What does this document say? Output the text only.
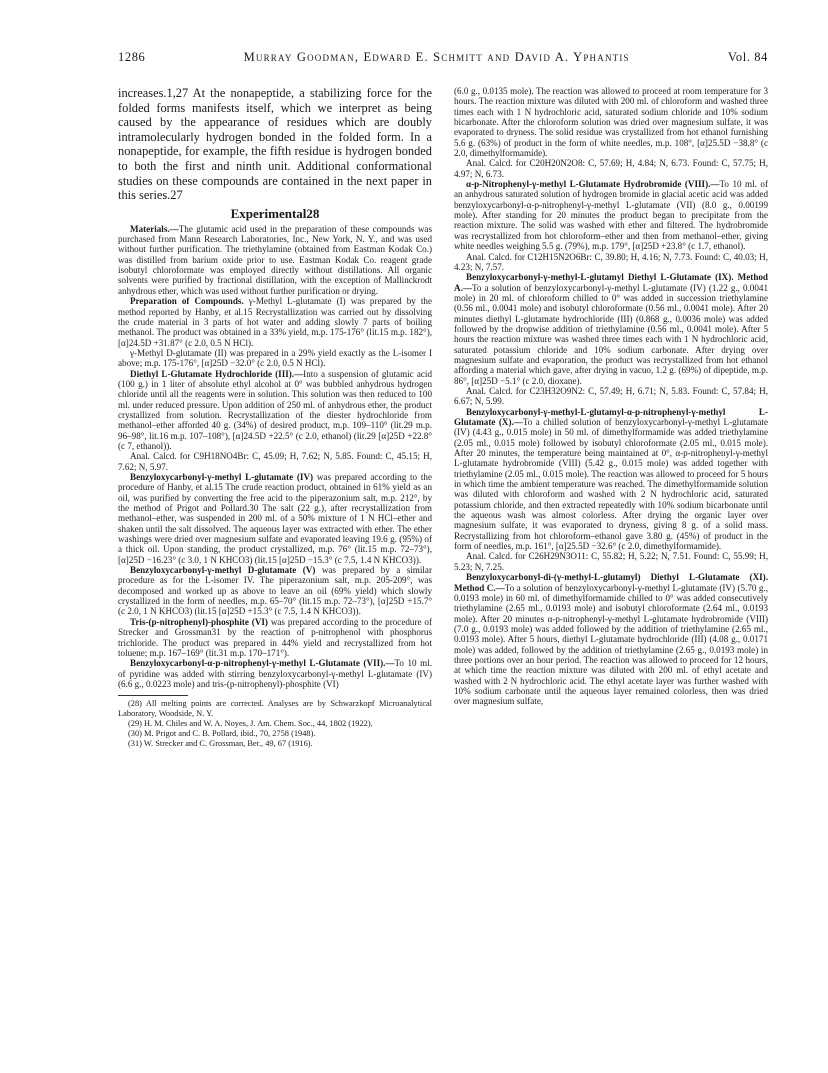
1286	Murray Goodman, Edward E. Schmitt and David A. Yphantis	Vol. 84

increases.1,27 At the nonapeptide, a stabilizing force for the folded forms manifests itself, which we interpret as being caused by the appearance of residues which are doubly intramolecularly hydrogen bonded in the folded form. In a nonapeptide, for example, the fifth residue is hydrogen bonded to both the first and ninth unit. Additional conformational studies on these compounds are contained in the next paper in this series.27

Experimental28

Materials.—The glutamic acid used in the preparation of these compounds was purchased from Mann Research Laboratories, Inc., New York, N. Y., and was used without further purification. The triethylamine (obtained from Eastman Kodak Co.) was distilled from barium oxide prior to use. Eastman Kodak Co. reagent grade isobutyl chloroformate was employed directly without distillations. All organic solvents were purified by fractional distillation, with the exception of Mallinckrodt anhydrous ether, which was used without further purification or drying.

Preparation of Compounds. γ-Methyl L-glutamate (I) was prepared by the method reported by Hanby, et al.15 Recrystallization was carried out by dissolving the crude material in 3 parts of hot water and adding slowly 7 parts of boiling methanol. The product was obtained in a 33% yield, m.p. 175-176° (lit.15 m.p. 182°), [α]24.5D +31.87° (c 2.0, 0.5 N HCl).

γ-Methyl D-glutamate (II) was prepared in a 29% yield exactly as the L-isomer I above; m.p. 175-176°, [α]25D −32.0° (c 2.0, 0.5 N HCl).

Diethyl L-Glutamate Hydrochloride (III).—Into a suspension of glutamic acid (100 g.) in 1 liter of absolute ethyl alcohol at 0° was bubbled anhydrous hydrogen chloride until all the reagents were in solution. This solution was then reduced to 100 ml. under reduced pressure. Upon addition of 250 ml. of anhydrous ether, the product crystallized from solution. Recrystallization of the diester hydrochloride from methanol–ether afforded 40 g. (34%) of desired product, m.p. 109–110° (lit.29 m.p. 96–98°, lit.16 m.p. 107–108°), [α]24.5D +22.5° (c 2.0, ethanol) (lit.29 [α]25D +22.8° (c 7, ethanol)).

Anal. Calcd. for C9H18NO4Br: C, 45.09; H, 7.62; N, 5.85. Found: C, 45.15; H, 7.62; N, 5.97.

Benzyloxycarbonyl-γ-methyl L-glutamate (IV) was prepared according to the procedure of Hanby, et al.15 The crude reaction product, obtained in 61% yield as an oil, was purified by converting the free acid to the piperazonium salt, m.p. 212°, by the method of Prigot and Pollard.30 The salt (22 g.), after recrystallization from methanol–ether, was suspended in 200 ml. of a 50% mixture of 1 N HCl–ether and shaken until the salt dissolved. The aqueous layer was extracted with ether. The ether washings were dried over magnesium sulfate and evaporated leaving 19.6 g. (95%) of a thick oil. Upon standing, the product crystallized, m.p. 76° (lit.15 m.p. 72–73°), [α]25D −16.23° (c 3.0, 1 N KHCO3) (lit.15 [α]25D −15.3° (c 7.5, 1.4 N KHCO3)).

Benzyloxycarbonyl-γ-methyl D-glutamate (V) was prepared by a similar procedure as for the L-isomer IV. The piperazonium salt, m.p. 205-209°, was decomposed and worked up as above to leave an oil (69% yield) which slowly crystallized in the form of needles, m.p. 65–70° (lit.15 m.p. 72–73°), [α]25D +15.7° (c 2.0, 1 N KHCO3) (lit.15 [α]25D +15.3° (c 7.5, 1.4 N KHCO3)).

Tris-(p-nitrophenyl)-phosphite (VI) was prepared according to the procedure of Strecker and Grossman31 by the reaction of p-nitrophenol with phosphorus trichloride. The product was prepared in 44% yield and recrystallized from hot toluene; m.p. 167–169° (lit.31 m.p. 170–171°).

Benzyloxycarbonyl-α-p-nitrophenyl-γ-methyl L-Glutamate (VII).—To 10 ml. of pyridine was added with stirring benzyloxycarbonyl-γ-methyl L-glutamate (IV) (6.6 g., 0.0223 mole) and tris-(p-nitrophenyl)-phosphite (VI)

(28) All melting points are corrected. Analyses are by Schwarzkopf Microanalytical Laboratory, Woodside, N. Y.

(29) H. M. Chiles and W. A. Noyes, J. Am. Chem. Soc., 44, 1802 (1922).

(30) M. Prigot and C. B. Pollard, ibid., 70, 2758 (1948).

(31) W. Strecker and C. Grossman, Ber., 49, 67 (1916).

(6.0 g., 0.0135 mole). The reaction was allowed to proceed at room temperature for 3 hours. The reaction mixture was diluted with 200 ml. of chloroform and washed three times each with 1 N hydrochloric acid, saturated sodium chloride and 10% sodium bicarbonate. After the chloroform solution was dried over magnesium sulfate, it was evaporated to dryness. The solid residue was crystallized from hot ethanol furnishing 5.6 g. (63%) of product in the form of white needles, m.p. 108°, [α]25.5D −38.8° (c 2.0, dimethylformamide).

Anal. Calcd. for C20H20N2O8: C, 57.69; H, 4.84; N, 6.73. Found: C, 57.75; H, 4.97; N, 6.73.

α-p-Nitrophenyl-γ-methyl L-Glutamate Hydrobromide (VIII).—To 10 ml. of an anhydrous saturated solution of hydrogen bromide in glacial acetic acid was added benzyloxycarbonyl-α-p-nitrophenyl-γ-methyl L-glutamate (VII) (8.0 g., 0.00199 mole). After standing for 20 minutes the product began to precipitate from the reaction mixture. The solid was washed with ether and filtered. The hydrobromide was recrystallized from hot chloroform–ether and then from methanol–ether, giving white needles weighing 5.5 g. (79%), m.p. 179°, [α]25D +23.8° (c 1.7, ethanol).

Anal. Calcd. for C12H15N2O6Br: C, 39.80; H, 4.16; N, 7.73. Found: C, 40.03; H, 4.23; N, 7.57.

Benzyloxycarbonyl-γ-methyl-L-glutamyl Diethyl L-Glutamate (IX). Method A.—To a solution of benzyloxycarbonyl-γ-methyl L-glutamate (IV) (1.22 g., 0.0041 mole) in 20 ml. of chloroform chilled to 0° was added in succession triethylamine (0.56 ml., 0.0041 mole) and isobutyl chloroformate (0.56 ml., 0.0041 mole). After 20 minutes diethyl L-glutamate hydrochloride (III) (0.868 g., 0.0036 mole) was added followed by the dropwise addition of triethylamine (0.56 ml., 0.0041 mole). After 5 hours the reaction mixture was washed three times each with 1 N hydrochloric acid, saturated potassium chloride and 10% sodium carbonate. After drying over magnesium sulfate and evaporation, the product was recrystallized from hot ethanol affording a material which gave, after drying in vacuo, 1.2 g. (69%) of dipeptide, m.p. 86°, [α]25D −5.1° (c 2.0, dioxane).

Anal. Calcd. for C23H32O9N2: C, 57.49; H, 6.71; N, 5.83. Found: C, 57.84; H, 6.67; N, 5.99.

Benzyloxycarbonyl-γ-methyl-L-glutamyl-α-p-nitrophenyl-γ-methyl L-Glutamate (X).—To a chilled solution of benzyloxycarbonyl-γ-methyl L-glutamate (IV) (4.43 g., 0.015 mole) in 50 ml. of dimethylformamide was added triethylamine (2.05 ml., 0.015 mole) followed by isobutyl chloroformate (2.05 ml., 0.015 mole). After 20 minutes, the temperature being maintained at 0°, α-p-nitrophenyl-γ-methyl L-glutamate hydrobromide (VIII) (5.42 g., 0.015 mole) was added together with triethylamine (2.05 ml., 0.015 mole). The reaction was allowed to proceed for 5 hours in which time the ambient temperature was reached. The dimethylformamide solution was diluted with chloroform and washed with 2 N hydrochloric acid, saturated potassium chloride, and then extracted repeatedly with 10% sodium bicarbonate until the aqueous wash was almost colorless. After drying the organic layer over magnesium sulfate, it was evaporated to dryness, giving 8 g. of a solid mass. Recrystallizing from hot chloroform–ethanol gave 3.80 g. (45%) of product in the form of needles, m.p. 161°, [α]25.5D −32.6° (c 2.0, dimethylformamide).

Anal. Calcd. for C26H29N3O11: C, 55.82; H, 5.22; N, 7.51. Found: C, 55.99; H, 5.23; N, 7.25.

Benzyloxycarbonyl-di-(γ-methyl-L-glutamyl) Diethyl L-Glutamate (XI). Method C.—To a solution of benzyloxycarbonyl-γ-methyl L-glutamate (IV) (5.70 g., 0.0193 mole) in 60 ml. of dimethylformamide chilled to 0° was added consecutively triethylamine (2.65 ml., 0.0193 mole) and isobutyl chloroformate (2.64 ml., 0.0193 mole). After 20 minutes α-p-nitrophenyl-γ-methyl L-glutamate hydrobromide (VIII) (7.0 g., 0.0193 mole) was added followed by the addition of triethylamine (2.65 ml., 0.0193 mole). After 5 hours, diethyl L-glutamate hydrochloride (III) (4.08 g., 0.0171 mole) was added, followed by the addition of triethylamine (2.65 g., 0.0193 mole) in three portions over an hour period. The reaction was allowed to proceed for 12 hours, at which time the reaction mixture was diluted with 200 ml. of ethyl acetate and washed with 2 N hydrochloric acid. The ethyl acetate layer was further washed with 10% sodium carbonate until the aqueous layer remained colorless, then was dried over magnesium sulfate,
